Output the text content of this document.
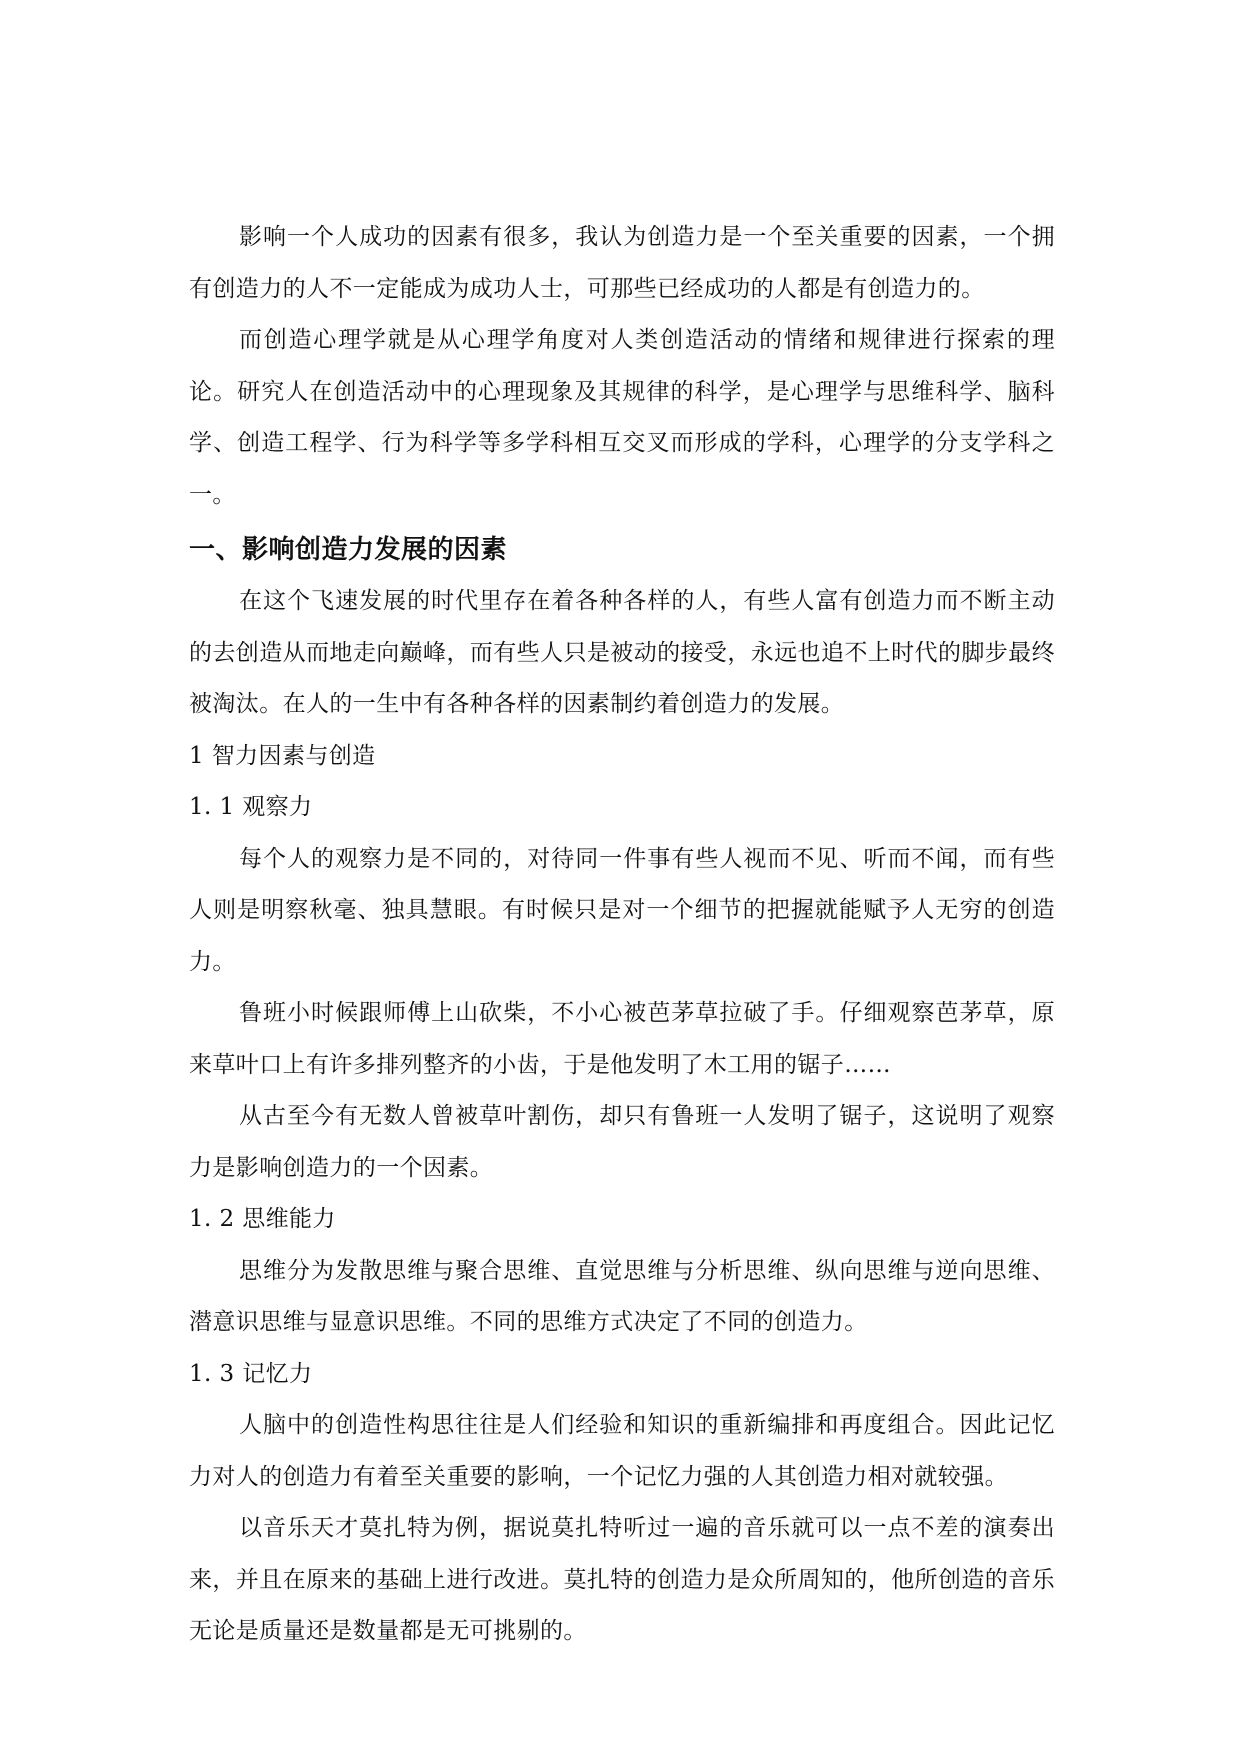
影响一个人成功的因素有很多，我认为创造力是一个至关重要的因素，一个拥有创造力的人不一定能成为成功人士，可那些已经成功的人都是有创造力的。

而创造心理学就是从心理学角度对人类创造活动的情绪和规律进行探索的理论。研究人在创造活动中的心理现象及其规律的科学，是心理学与思维科学、脑科学、创造工程学、行为科学等多学科相互交叉而形成的学科，心理学的分支学科之一。

一、影响创造力发展的因素

在这个飞速发展的时代里存在着各种各样的人，有些人富有创造力而不断主动的去创造从而地走向巅峰，而有些人只是被动的接受，永远也追不上时代的脚步最终被淘汰。在人的一生中有各种各样的因素制约着创造力的发展。

1 智力因素与创造
1. 1 观察力

每个人的观察力是不同的，对待同一件事有些人视而不见、听而不闻，而有些人则是明察秋毫、独具慧眼。有时候只是对一个细节的把握就能赋予人无穷的创造力。

鲁班小时候跟师傅上山砍柴，不小心被芭茅草拉破了手。仔细观察芭茅草，原来草叶口上有许多排列整齐的小齿，于是他发明了木工用的锯子……

从古至今有无数人曾被草叶割伤，却只有鲁班一人发明了锯子，这说明了观察力是影响创造力的一个因素。

1. 2 思维能力

思维分为发散思维与聚合思维、直觉思维与分析思维、纵向思维与逆向思维、潜意识思维与显意识思维。不同的思维方式决定了不同的创造力。

1. 3 记忆力

人脑中的创造性构思往往是人们经验和知识的重新编排和再度组合。因此记忆力对人的创造力有着至关重要的影响，一个记忆力强的人其创造力相对就较强。

以音乐天才莫扎特为例，据说莫扎特听过一遍的音乐就可以一点不差的演奏出来，并且在原来的基础上进行改进。莫扎特的创造力是众所周知的，他所创造的音乐无论是质量还是数量都是无可挑剔的。
